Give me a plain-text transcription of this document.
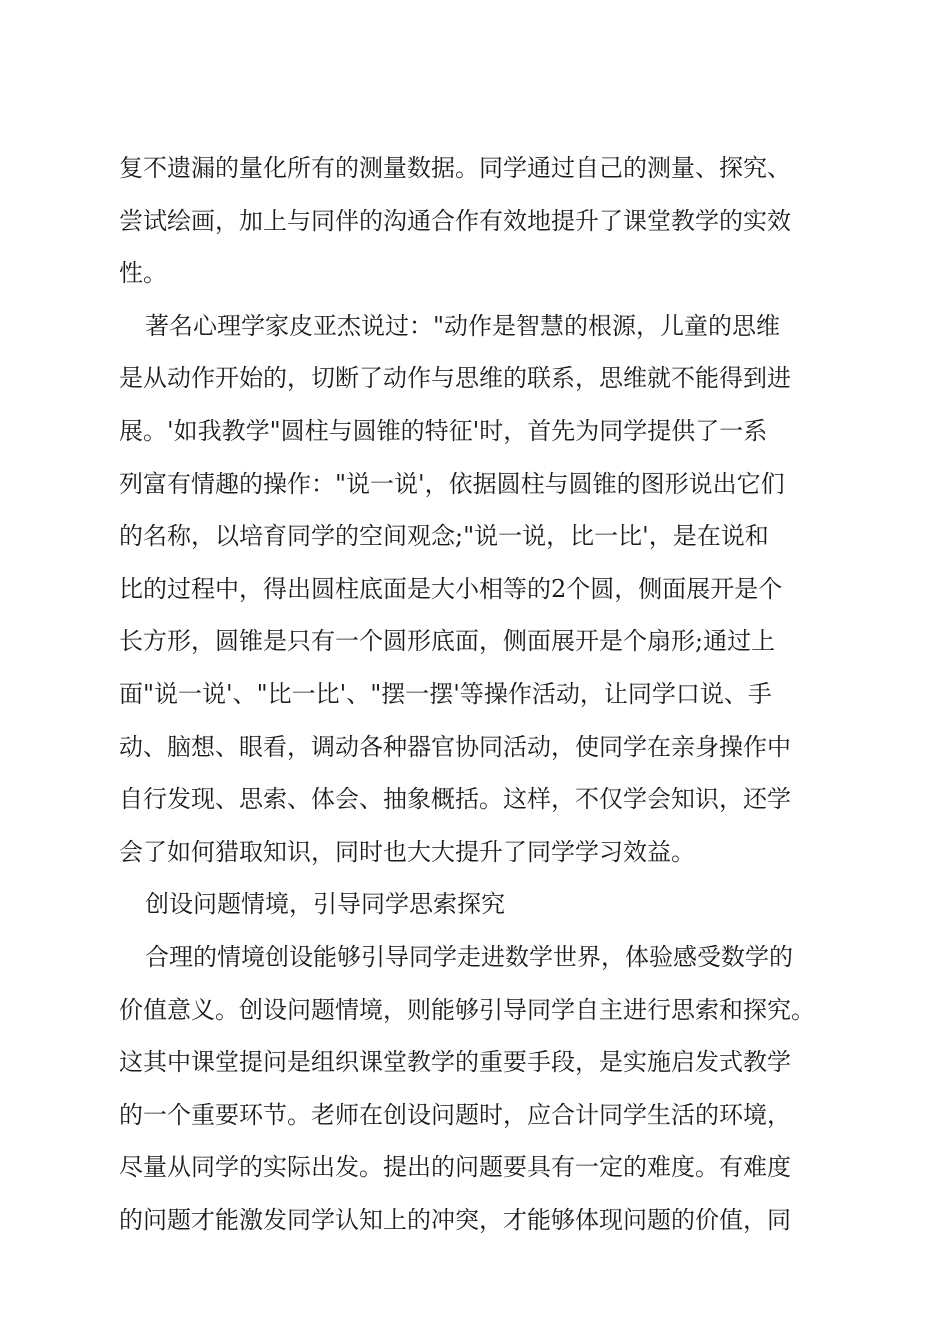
复不遗漏的量化所有的测量数据。同学通过自己的测量、探究、
尝试绘画，加上与同伴的沟通合作有效地提升了课堂教学的实效
性。
著名心理学家皮亚杰说过："动作是智慧的根源，儿童的思维
是从动作开始的，切断了动作与思维的联系，思维就不能得到进
展。'如我教学"圆柱与圆锥的特征'时，首先为同学提供了一系
列富有情趣的操作："说一说'，依据圆柱与圆锥的图形说出它们
的名称，以培育同学的空间观念;"说一说，比一比'，是在说和
比的过程中，得出圆柱底面是大小相等的2个圆，侧面展开是个
长方形，圆锥是只有一个圆形底面，侧面展开是个扇形;通过上
面"说一说'、"比一比'、"摆一摆'等操作活动，让同学口说、手
动、脑想、眼看，调动各种器官协同活动，使同学在亲身操作中
自行发现、思索、体会、抽象概括。这样，不仅学会知识，还学
会了如何猎取知识，同时也大大提升了同学学习效益。
创设问题情境，引导同学思索探究
合理的情境创设能够引导同学走进数学世界，体验感受数学的
价值意义。创设问题情境，则能够引导同学自主进行思索和探究。
这其中课堂提问是组织课堂教学的重要手段，是实施启发式教学
的一个重要环节。老师在创设问题时，应合计同学生活的环境，
尽量从同学的实际出发。提出的问题要具有一定的难度。有难度
的问题才能激发同学认知上的冲突，才能够体现问题的价值，同
